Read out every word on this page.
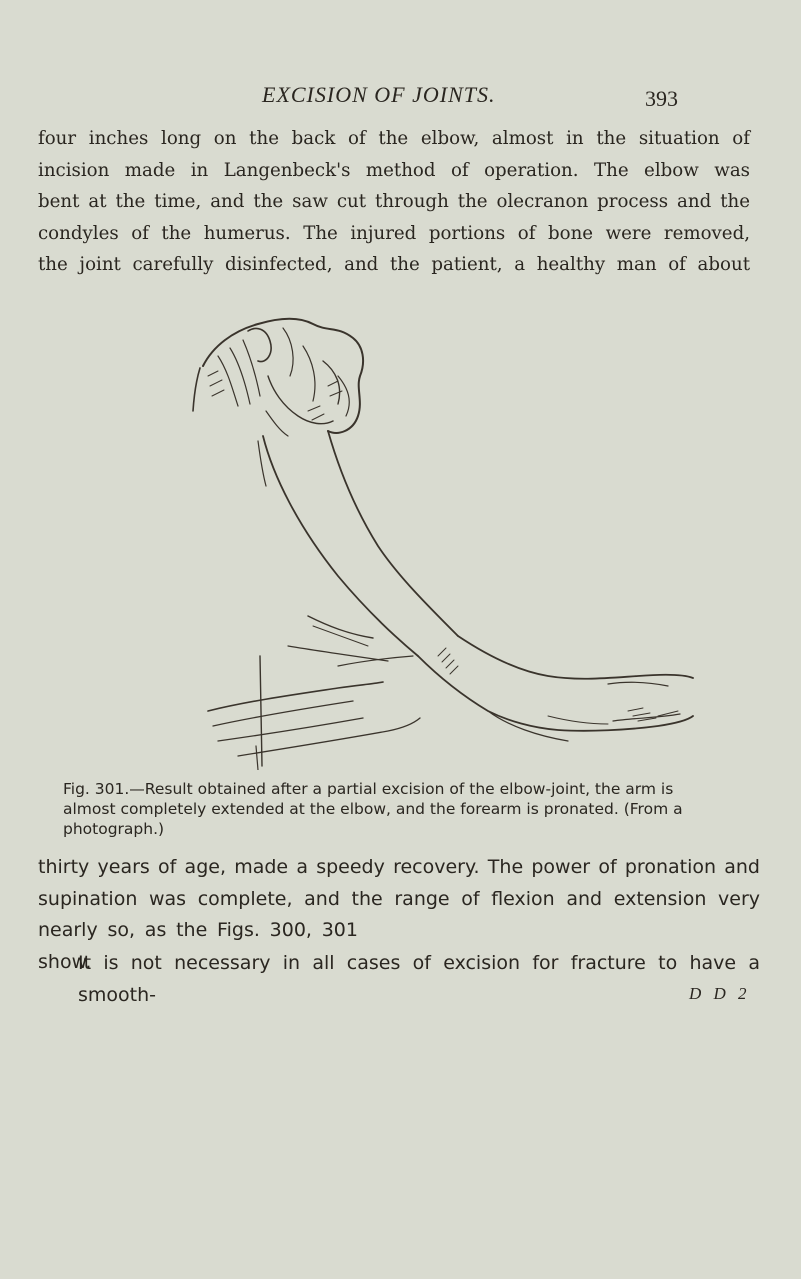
EXCISION OF JOINTS.	393

four inches long on the back of the elbow, almost in the situation of

incision made in Langenbeck's method of operation. The elbow was

bent at the time, and the saw cut through the olecranon process and the

condyles of the humerus. The injured portions of bone were removed,

the joint carefully disinfected, and the patient, a healthy man of about

Fig. 301.—Result obtained after a partial excision of the elbow-joint, the arm is
almost completely extended at the elbow, and the forearm is pronated. (From a
photograph.)

thirty years of age, made a speedy recovery. The power of pronation and

supination was complete, and the range of flexion and extension very

nearly so, as the Figs. 300, 301 show.

It is not necessary in all cases of excision for fracture to have a smooth-	D D 2
